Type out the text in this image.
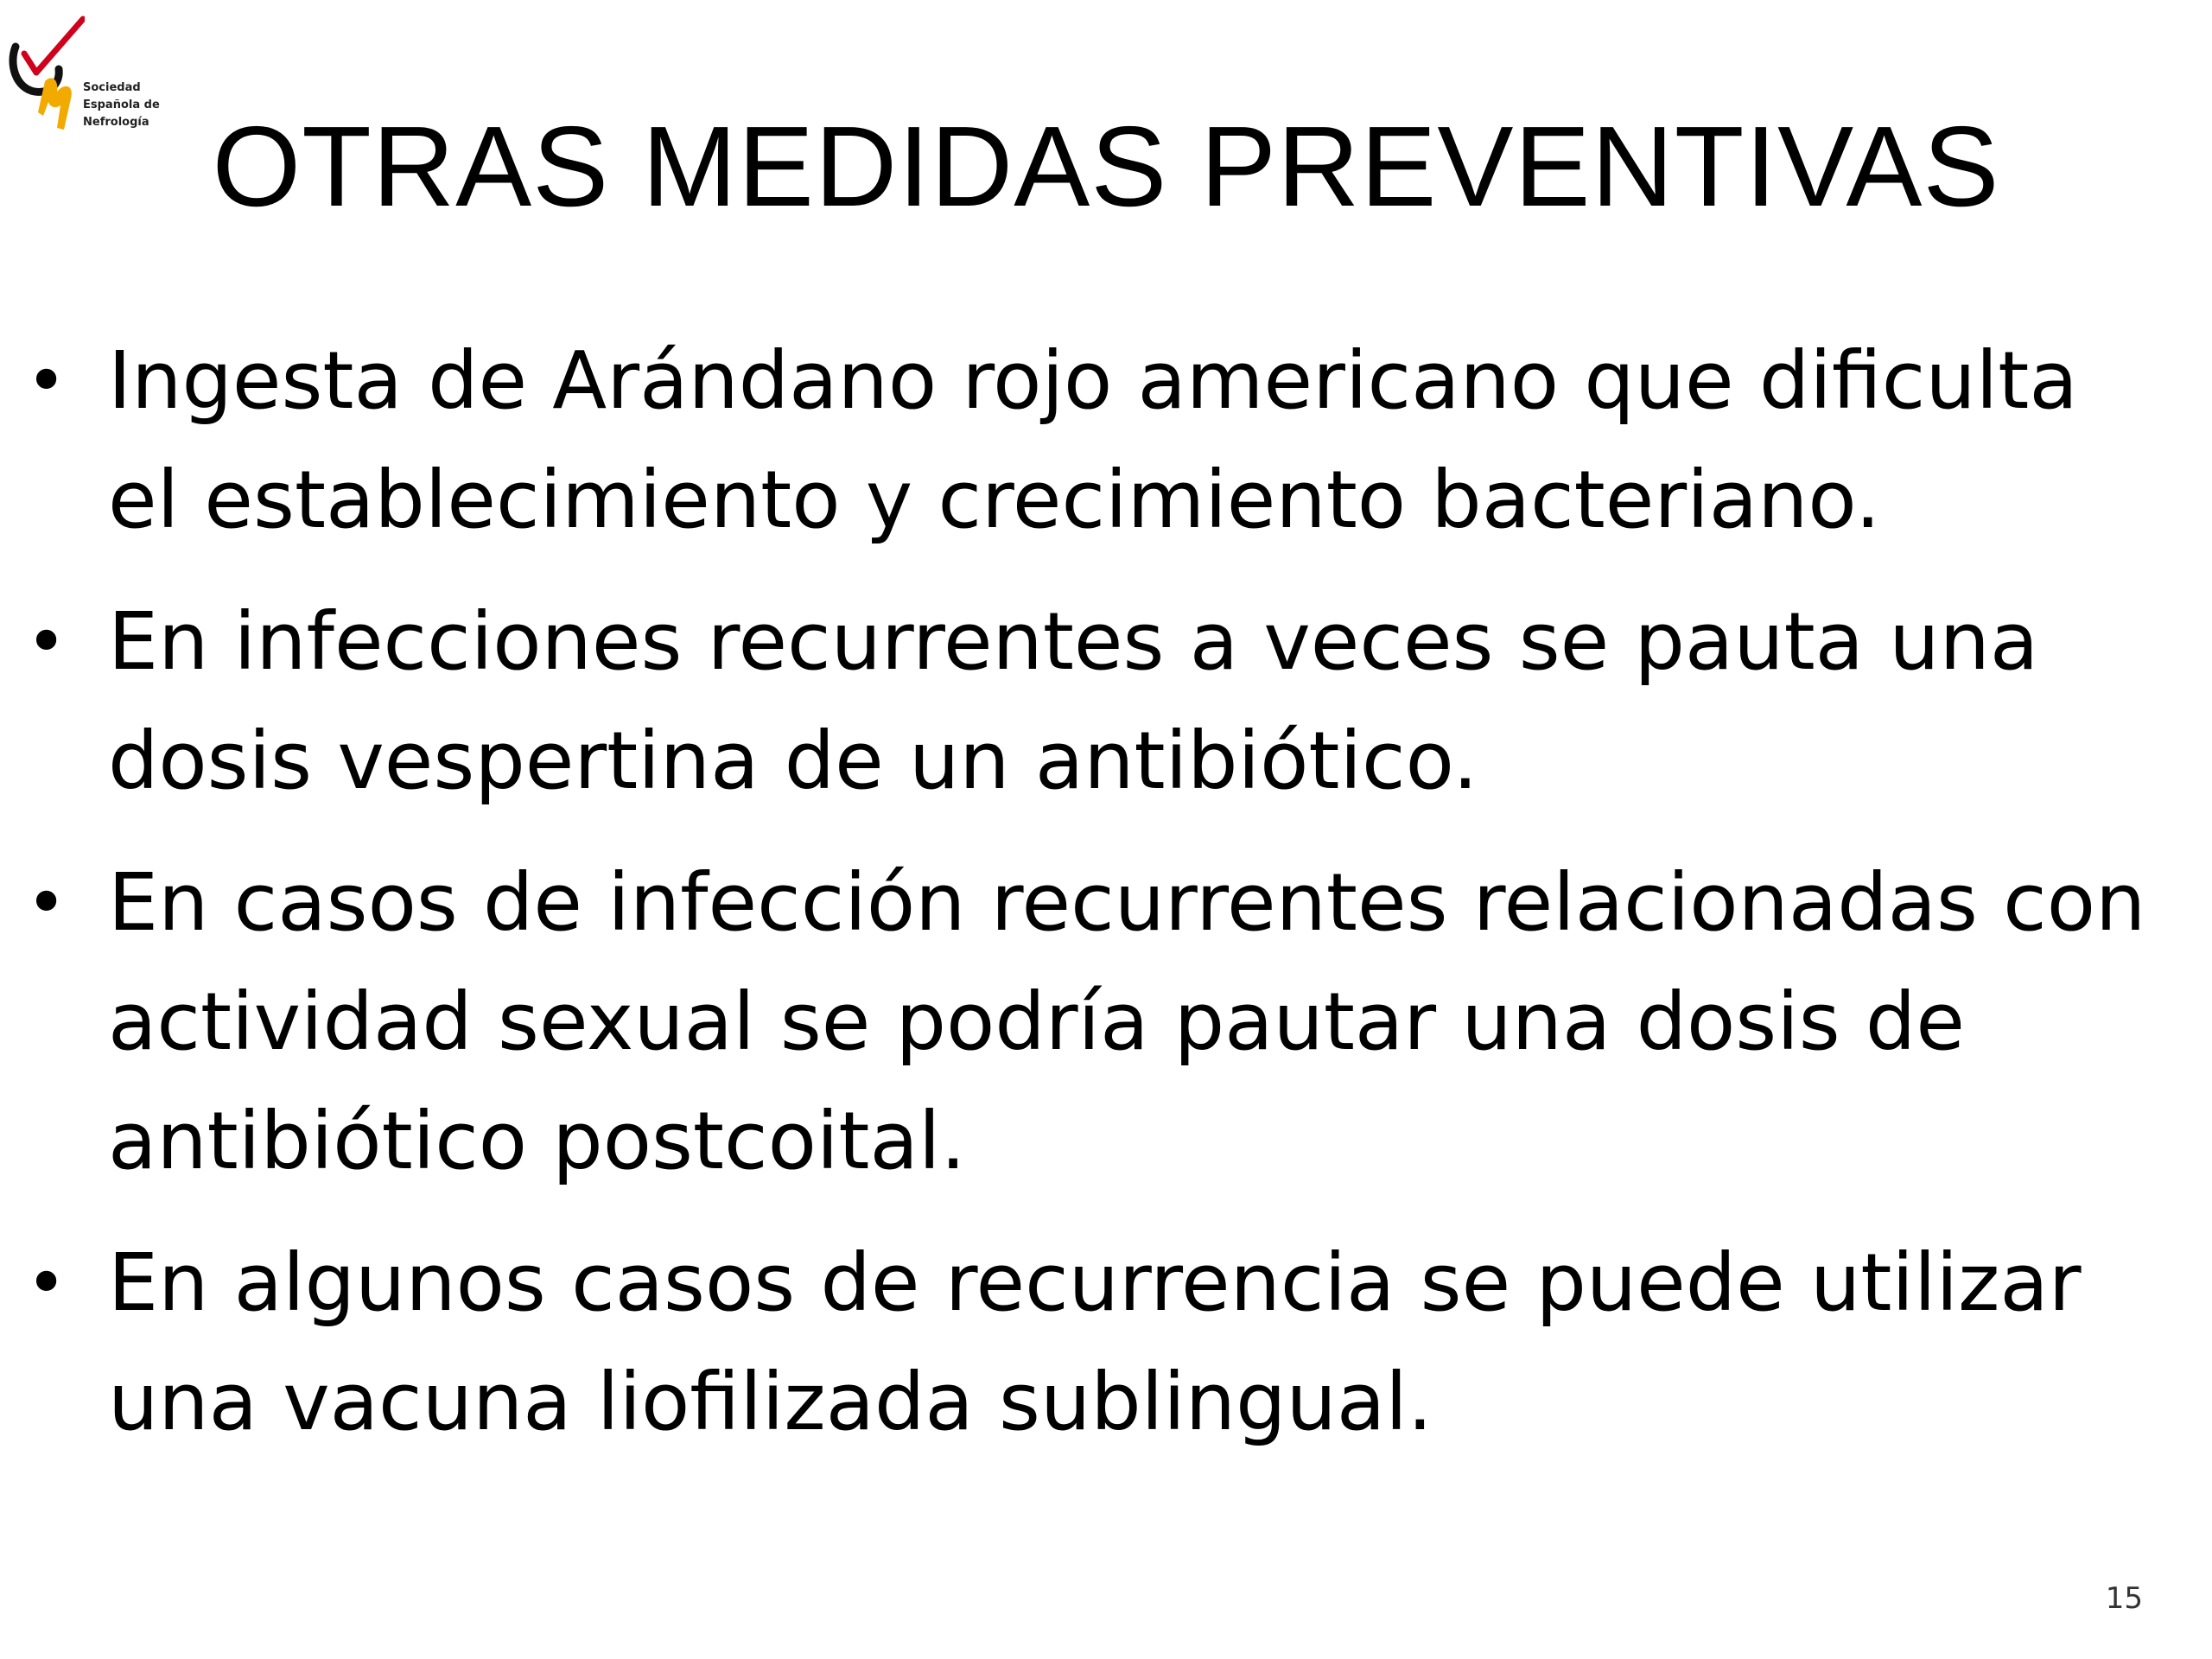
Sociedad
Española de
Nefrología OTRAS MEDIDAS PREVENTIVAS
• Ingesta de Arándano rojo americano que dificulta
el establecimiento y crecimiento bacteriano.
• En infecciones recurrentes a veces se pauta una
dosis vespertina de un antibiótico.
• En casos de infección recurrentes relacionadas con
actividad sexual se podría pautar una dosis de
antibiótico postcoital.
• En algunos casos de recurrencia se puede utilizar
una vacuna liofilizada sublingual.
15
